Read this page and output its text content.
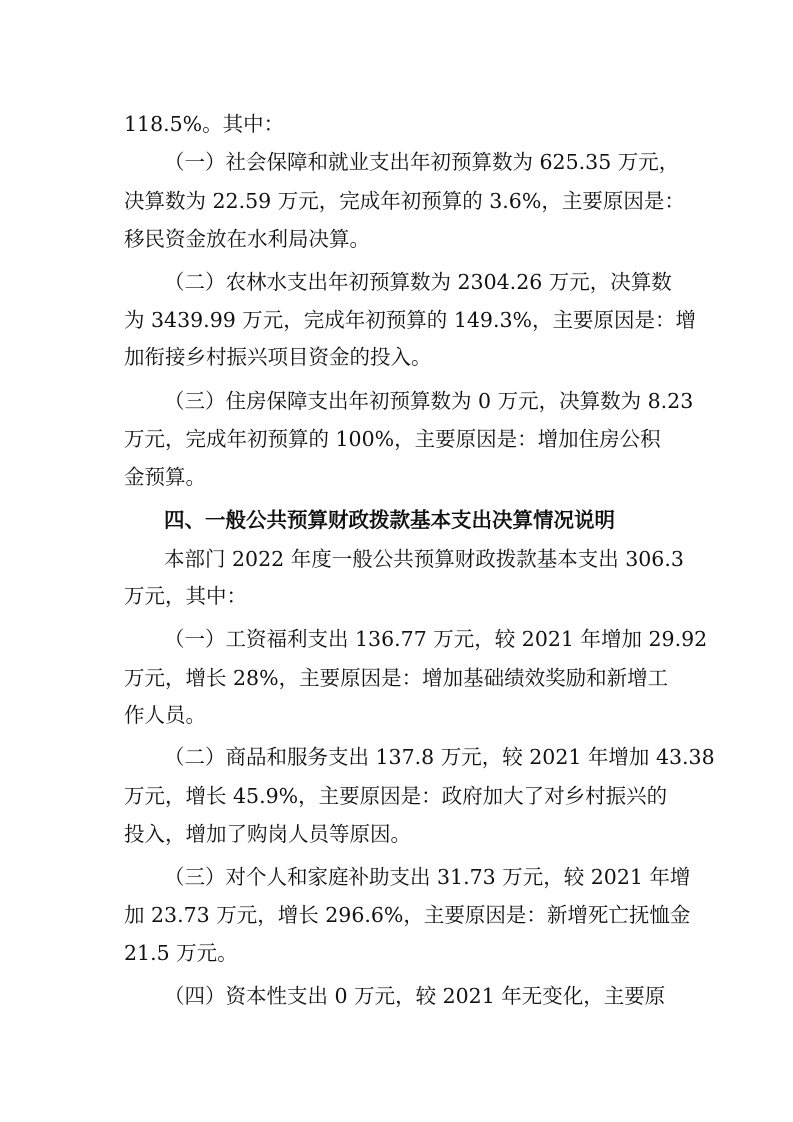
118.5%。其中：
（一）社会保障和就业支出年初预算数为 625.35 万元，
决算数为 22.59 万元，完成年初预算的 3.6%，主要原因是：
移民资金放在水利局决算。
（二）农林水支出年初预算数为 2304.26 万元，决算数
为 3439.99 万元，完成年初预算的 149.3%，主要原因是：增
加衔接乡村振兴项目资金的投入。
（三）住房保障支出年初预算数为 0 万元，决算数为 8.23
万元，完成年初预算的 100%，主要原因是：增加住房公积
金预算。
四、一般公共预算财政拨款基本支出决算情况说明
本部门 2022 年度一般公共预算财政拨款基本支出 306.3
万元，其中：
（一）工资福利支出 136.77 万元，较 2021 年增加 29.92
万元，增长 28%，主要原因是：增加基础绩效奖励和新增工
作人员。
（二）商品和服务支出 137.8 万元，较 2021 年增加 43.38
万元，增长 45.9%，主要原因是：政府加大了对乡村振兴的
投入，增加了购岗人员等原因。
（三）对个人和家庭补助支出 31.73 万元，较 2021 年增
加 23.73 万元，增长 296.6%，主要原因是：新增死亡抚恤金
21.5 万元。
（四）资本性支出 0 万元，较 2021 年无变化，主要原
